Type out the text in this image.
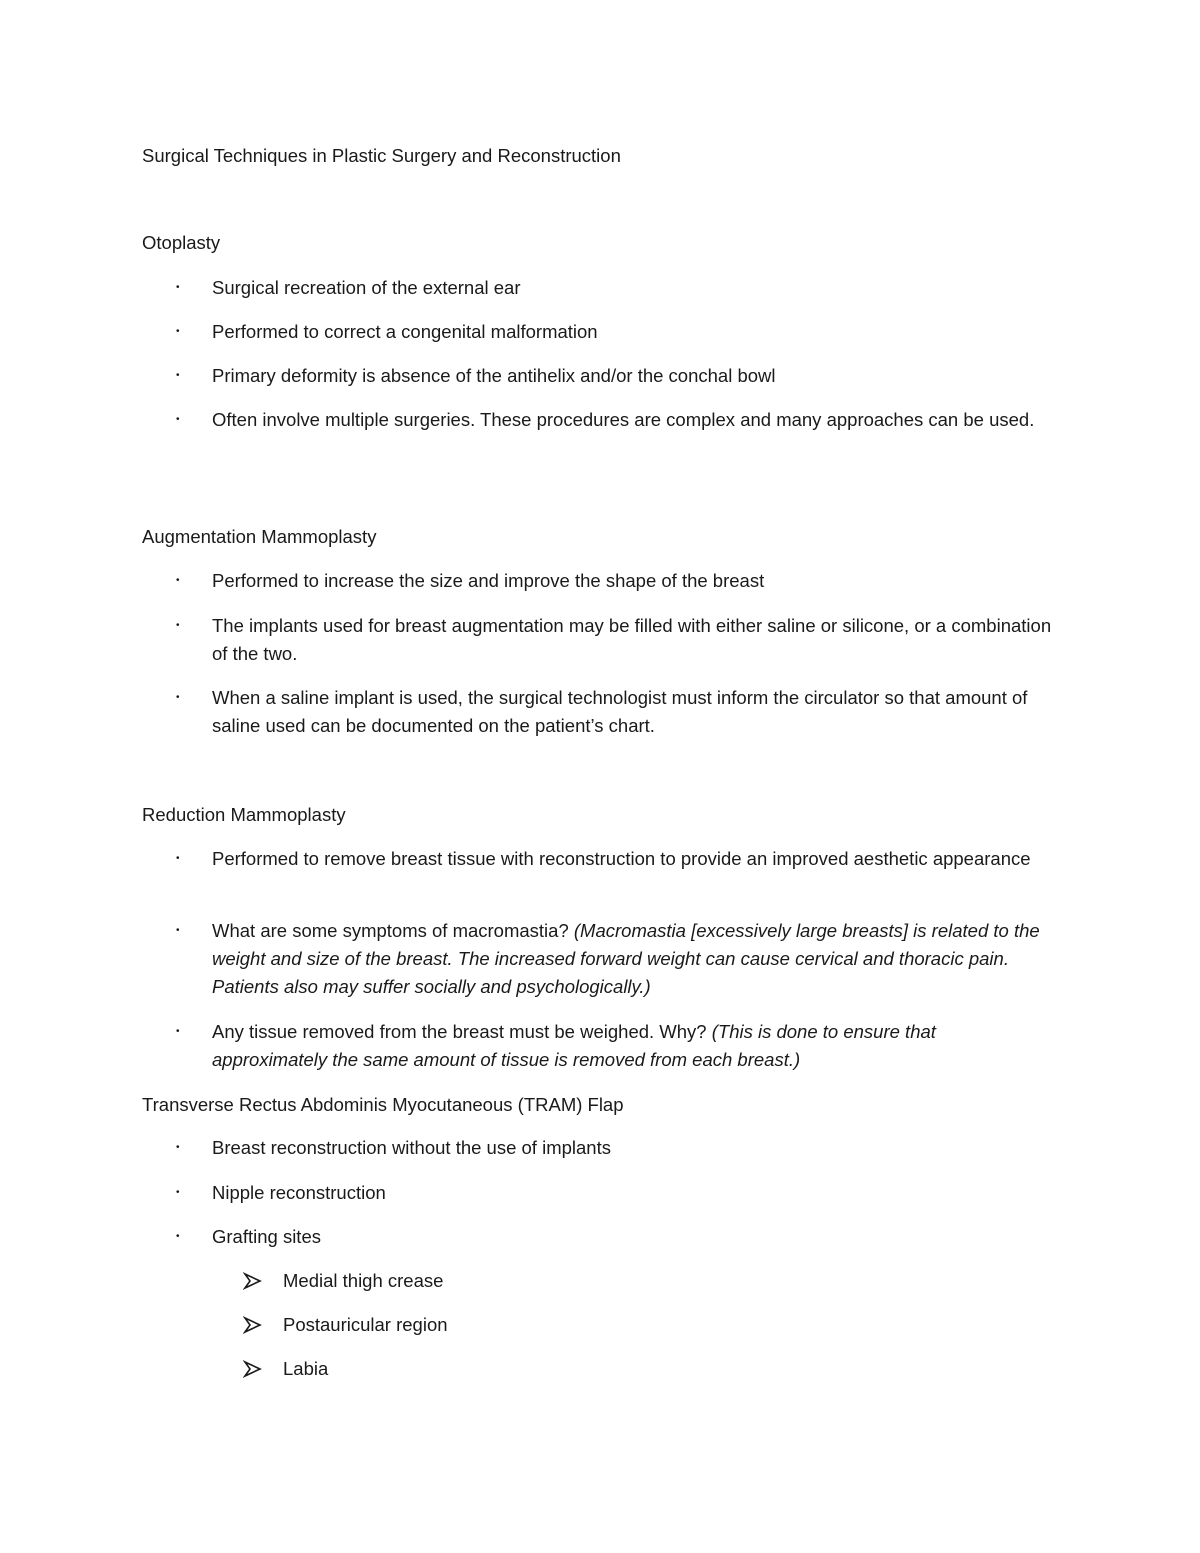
Surgical Techniques in Plastic Surgery and Reconstruction

Otoplasty

• Surgical recreation of the external ear
• Performed to correct a congenital malformation
• Primary deformity is absence of the antihelix and/or the conchal bowl
• Often involve multiple surgeries. These procedures are complex and many approaches can be used.

Augmentation Mammoplasty

• Performed to increase the size and improve the shape of the breast
• The implants used for breast augmentation may be filled with either saline or silicone, or a combination of the two.
• When a saline implant is used, the surgical technologist must inform the circulator so that amount of saline used can be documented on the patient’s chart.

Reduction Mammoplasty

• Performed to remove breast tissue with reconstruction to provide an improved aesthetic appearance
• What are some symptoms of macromastia? (Macromastia [excessively large breasts] is related to the weight and size of the breast. The increased forward weight can cause cervical and thoracic pain. Patients also may suffer socially and psychologically.)
• Any tissue removed from the breast must be weighed. Why? (This is done to ensure that approximately the same amount of tissue is removed from each breast.)

Transverse Rectus Abdominis Myocutaneous (TRAM) Flap

• Breast reconstruction without the use of implants
• Nipple reconstruction
• Grafting sites
Medial thigh crease
Postauricular region
Labia
